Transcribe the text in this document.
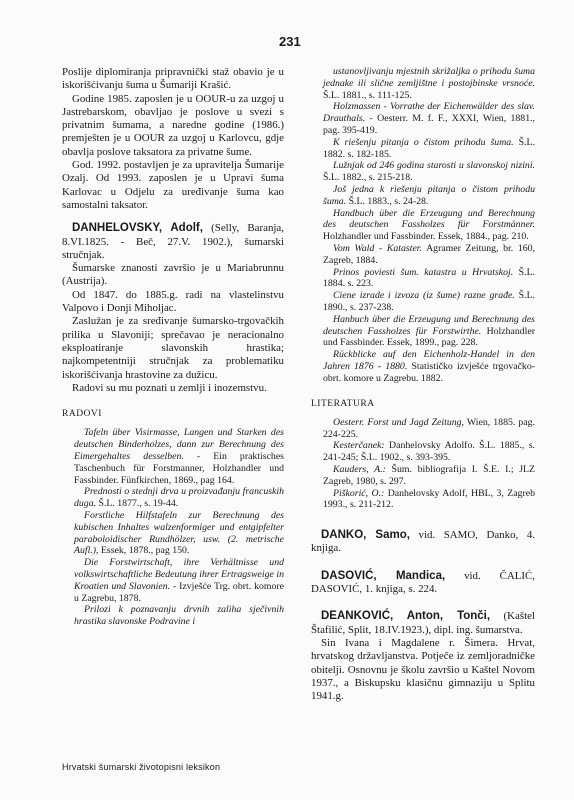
231

Poslije diplomiranja pripravnički staž obavio je u iskorišćivanju šuma u Šumariji Krašić.

Godine 1985. zaposlen je u OOUR-u za uzgoj u Jastrebarskom, obavljao je poslove u svezi s privatnim šumama, a naredne godine (1986.) premješten je u OOUR za uzgoj u Karlovcu, gdje obavlja poslove taksatora za privatne šume.

God. 1992. postavljen je za upravitelja Šumarije Ozalj. Od 1993. zaposlen je u Upravi šuma Karlovac u Odjelu za uređivanje šuma kao samostalni taksator.

DANHELOVSKY, Adolf, (Selly, Baranja, 8.VI.1825. - Beč, 27.V. 1902.), šumarski stručnjak.

Šumarske znanosti završio je u Mariabrunnu (Austrija).

Od 1847. do 1885.g. radi na vlastelinstvu Valpovo i Donji Miholjac.

Zaslužan je za sređivanje šumarsko-trgovačkih prilika u Slavoniji; sprečavao je neracionalno eksploatiranje slavonskih hrastika; najkompetentniji stručnjak za problematiku iskorišćivanja hrastovine za dužicu.

Radovi su mu poznati u zemlji i inozemstvu.

RADOVI

Tafeln über Visirmasse, Langen und Starken des deutschen Binderholzes, dann zur Berechnung des Eimergehaltes desselben. - Ein praktisches Taschenbuch für Forstmanner, Holzhandler und Fassbinder. Fünfkirchen, 1869., pag 164.

Prednosti o stednji drva u proizvađanju francuskih duga. Š.L. 1877., s. 19-44.

Forstliche Hilfstafeln zur Berechnung des kubischen Inhaltes walzenformiger und entgipfelter paraboloidischer Rundhölzer, usw. (2. metrische Aufl.), Essek, 1878., pag 150.

Die Forstwirtschaft, ihre Verhältnisse und volkswirtschaftliche Bedeutung ihrer Ertragsweige in Kroatien und Slavonien. - Izvješće Trg. obrt. komore u Zagrebu, 1878.

Prilozi k poznavanju drvnih zaliha sječivnih hrastika slavonske Podravine i

ustanovljivanju mjestnih skrižaljka o prihodu šuma jednake ili slične zemljištne i postojbinske vrsnoće. Š.L. 1881., s. 111-125.

Holzmassen - Vorrathe der Eichenwälder des slav. Drauthals. - Oesterr. M. f. F., XXXI, Wien, 1881., pag. 395-419.

K riešenju pitanja o čistom prihodu šuma. Š.L. 1882. s. 182-185.

Lužnjak od 246 godina starosti u slavonskoj nizini. Š.L. 1882., s. 215-218.

Još jedna k riešenju pitanja o čistom prihodu šuma. Š.L. 1883., s. 24-28.

Handbuch über die Erzeugung und Berechnung des deutschen Fassholzes für Forstmänner. Holzhandler und Fassbinder. Essek, 1884., pag. 210.

Vom Wald - Kataster. Agramer Zeitung, br. 160, Zagreb, 1884.

Prinos poviesti šum. katastra u Hrvatskoj. Š.L. 1884. s. 223.

Ciene izrade i izvoza (iz šume) razne građe. Š.L. 1890., s. 237-238.

Hanbuch über die Erzeugung und Berechnung des deutschen Fassholzes für Forstwirthe. Holzhandler und Fassbinder. Essek, 1899., pag. 228.

Rückblicke auf den Eichenholz-Handel in den Jahren 1876 - 1880. Statističko izvješće trgovačko-obrt. komore u Zagrebu. 1882.

LITERATURA

Oesterr. Forst und Jagd Zeitung, Wien, 1885. pag. 224-225.

Kesterčanek: Danhelovsky Adolfo. Š.L. 1885., s. 241-245; Š.L. 1902., s. 393-395.

Kauders, A.: Šum. bibliografija I. Š.E. I.; JLZ Zagreb, 1980, s. 297.

Piškorić, O.: Danhelovsky Adolf, HBL, 3, Zagreb 1993., s. 211-212.

DANKO, Samo, vid. SAMO, Danko, 4. knjiga.

DASOVIĆ, Mandica, vid. ČALIĆ, DASOVIĆ, 1. knjiga, s. 224.

DEANKOVIĆ, Anton, Tonči, (Kaštel Štafilić, Split, 18.IV.1923.), dipl. ing. šumarstva.

Sin Ivana i Magdalene r. Šimera. Hrvat, hrvatskog državljanstva. Potječe iz zemljoradničke obitelji. Osnovnu je školu završio u Kaštel Novom 1937., a Biskupsku klasičnu gimnaziju u Splitu 1941.g.

Hrvatski šumarski životopisni leksikon
